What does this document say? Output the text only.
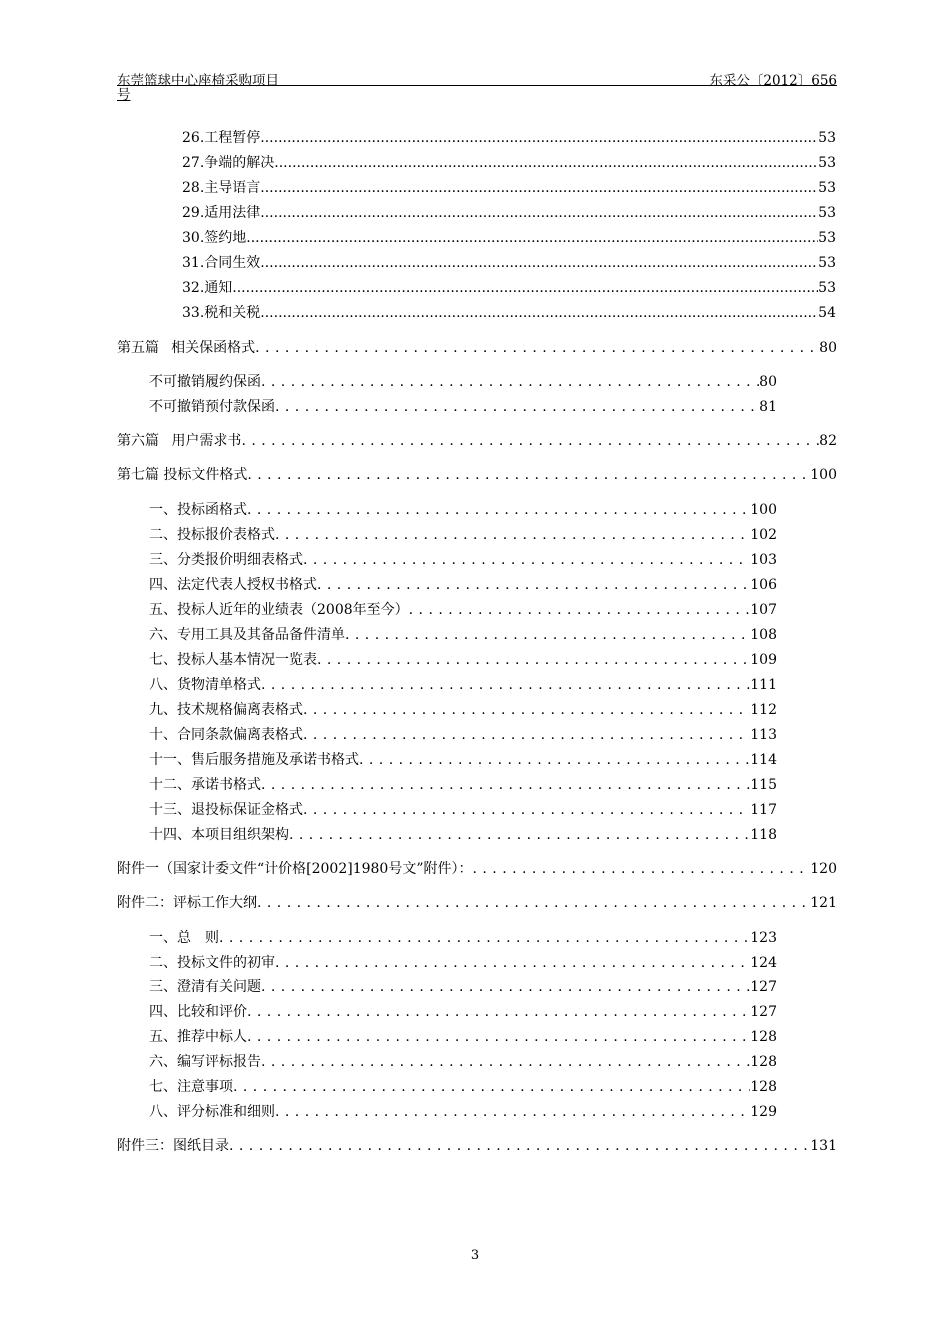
东莞篮球中心座椅采购项目	东采公〔2012〕656
号
26. 工程暂停 .....	53
27. 争端的解决 .....	53
28. 主导语言 .....	53
29. 适用法律 .....	53
30. 签约地 .....	53
31. 合同生效 .....	53
32. 通知 .....	53
33. 税和关税 .....	54
第五篇 相关保函格式 . . .	80
不可撤销履约保函 . . .	80
不可撤销预付款保函 . . .	81
第六篇 用户需求书 . . .	82
第七篇 投标文件格式 . . .	100
一、投标函格式 . . .	100
二、投标报价表格式 . . .	102
三、分类报价明细表格式 . . .	103
四、法定代表人授权书格式 . . .	106
五、投标人近年的业绩表（2008年至今） . . .	107
六、专用工具及其备品备件清单 . . .	108
七、投标人基本情况一览表 . . .	109
八、货物清单格式 . . .	111
九、技术规格偏离表格式 . . .	112
十、合同条款偏离表格式 . . .	113
十一、售后服务措施及承诺书格式 . . .	114
十二、承诺书格式 . . .	115
十三、退投标保证金格式 . . .	117
十四、本项目组织架构 . . .	118
附件一（国家计委文件“计价格[2002]1980号文”附件）： . . .	120
附件二：评标工作大纲 . . .	121
一、总　则 . . .	123
二、投标文件的初审 . . .	124
三、澄清有关问题 . . .	127
四、比较和评价 . . .	127
五、推荐中标人 . . .	128
六、编写评标报告 . . .	128
七、注意事项 . . .	128
八、评分标准和细则 . . .	129
附件三：图纸目录 . . .	131
3
